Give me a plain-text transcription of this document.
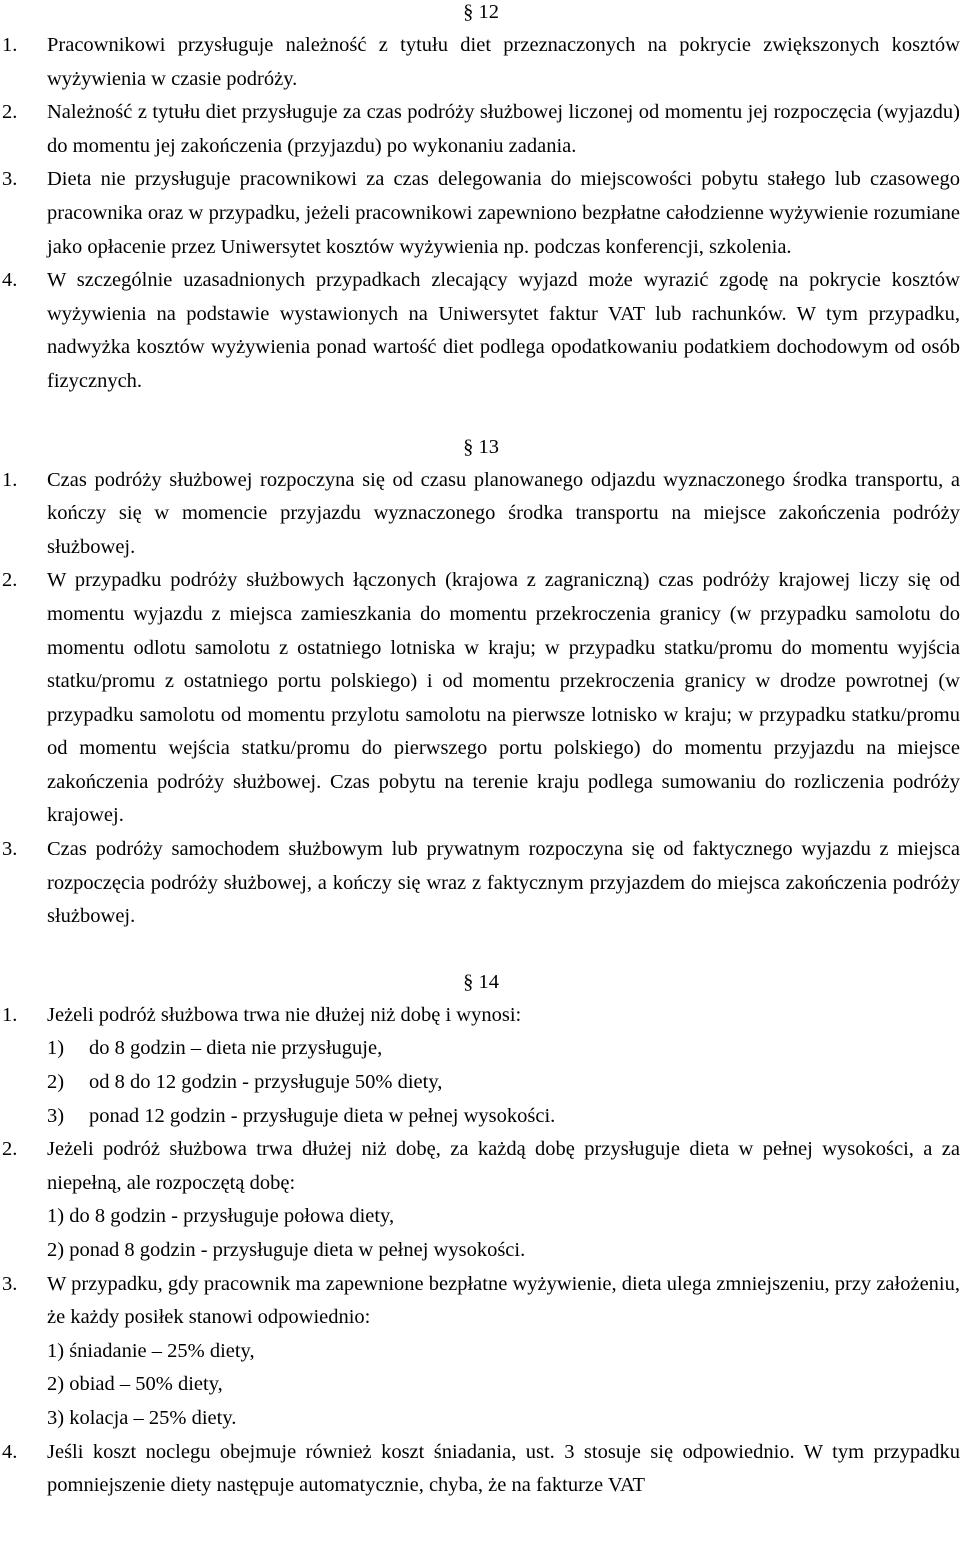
§ 12
1. Pracownikowi przysługuje należność z tytułu diet przeznaczonych na pokrycie zwiększonych kosztów wyżywienia w czasie podróży.
2. Należność z tytułu diet przysługuje za czas podróży służbowej liczonej od momentu jej rozpoczęcia (wyjazdu) do momentu jej zakończenia (przyjazdu) po wykonaniu zadania.
3. Dieta nie przysługuje pracownikowi za czas delegowania do miejscowości pobytu stałego lub czasowego pracownika oraz w przypadku, jeżeli pracownikowi zapewniono bezpłatne całodzienne wyżywienie rozumiane jako opłacenie przez Uniwersytet kosztów wyżywienia np. podczas konferencji, szkolenia.
4. W szczególnie uzasadnionych przypadkach zlecający wyjazd może wyrazić zgodę na pokrycie kosztów wyżywienia na podstawie wystawionych na Uniwersytet faktur VAT lub rachunków. W tym przypadku, nadwyżka kosztów wyżywienia ponad wartość diet podlega opodatkowaniu podatkiem dochodowym od osób fizycznych.
§ 13
1. Czas podróży służbowej rozpoczyna się od czasu planowanego odjazdu wyznaczonego środka transportu, a kończy się w momencie przyjazdu wyznaczonego środka transportu na miejsce zakończenia podróży służbowej.
2. W przypadku podróży służbowych łączonych (krajowa z zagraniczną) czas podróży krajowej liczy się od momentu wyjazdu z miejsca zamieszkania do momentu przekroczenia granicy (w przypadku samolotu do momentu odlotu samolotu z ostatniego lotniska w kraju; w przypadku statku/promu do momentu wyjścia statku/promu z ostatniego portu polskiego) i od momentu przekroczenia granicy w drodze powrotnej (w przypadku samolotu od momentu przylotu samolotu na pierwsze lotnisko w kraju; w przypadku statku/promu od momentu wejścia statku/promu do pierwszego portu polskiego) do momentu przyjazdu na miejsce zakończenia podróży służbowej. Czas pobytu na terenie kraju podlega sumowaniu do rozliczenia podróży krajowej.
3. Czas podróży samochodem służbowym lub prywatnym rozpoczyna się od faktycznego wyjazdu z miejsca rozpoczęcia podróży służbowej, a kończy się wraz z faktycznym przyjazdem do miejsca zakończenia podróży służbowej.
§ 14
1. Jeżeli podróż służbowa trwa nie dłużej niż dobę i wynosi:
1) do 8 godzin – dieta nie przysługuje,
2) od 8 do 12 godzin - przysługuje 50% diety,
3) ponad 12 godzin - przysługuje dieta w pełnej wysokości.
2. Jeżeli podróż służbowa trwa dłużej niż dobę, za każdą dobę przysługuje dieta w pełnej wysokości, a za niepełną, ale rozpoczętą dobę:
1) do 8 godzin - przysługuje połowa diety,
2) ponad 8 godzin - przysługuje dieta w pełnej wysokości.
3. W przypadku, gdy pracownik ma zapewnione bezpłatne wyżywienie, dieta ulega zmniejszeniu, przy założeniu, że każdy posiłek stanowi odpowiednio:
1) śniadanie – 25% diety,
2) obiad – 50% diety,
3) kolacja – 25% diety.
4. Jeśli koszt noclegu obejmuje również koszt śniadania, ust. 3 stosuje się odpowiednio. W tym przypadku pomniejszenie diety następuje automatycznie, chyba, że na fakturze VAT
